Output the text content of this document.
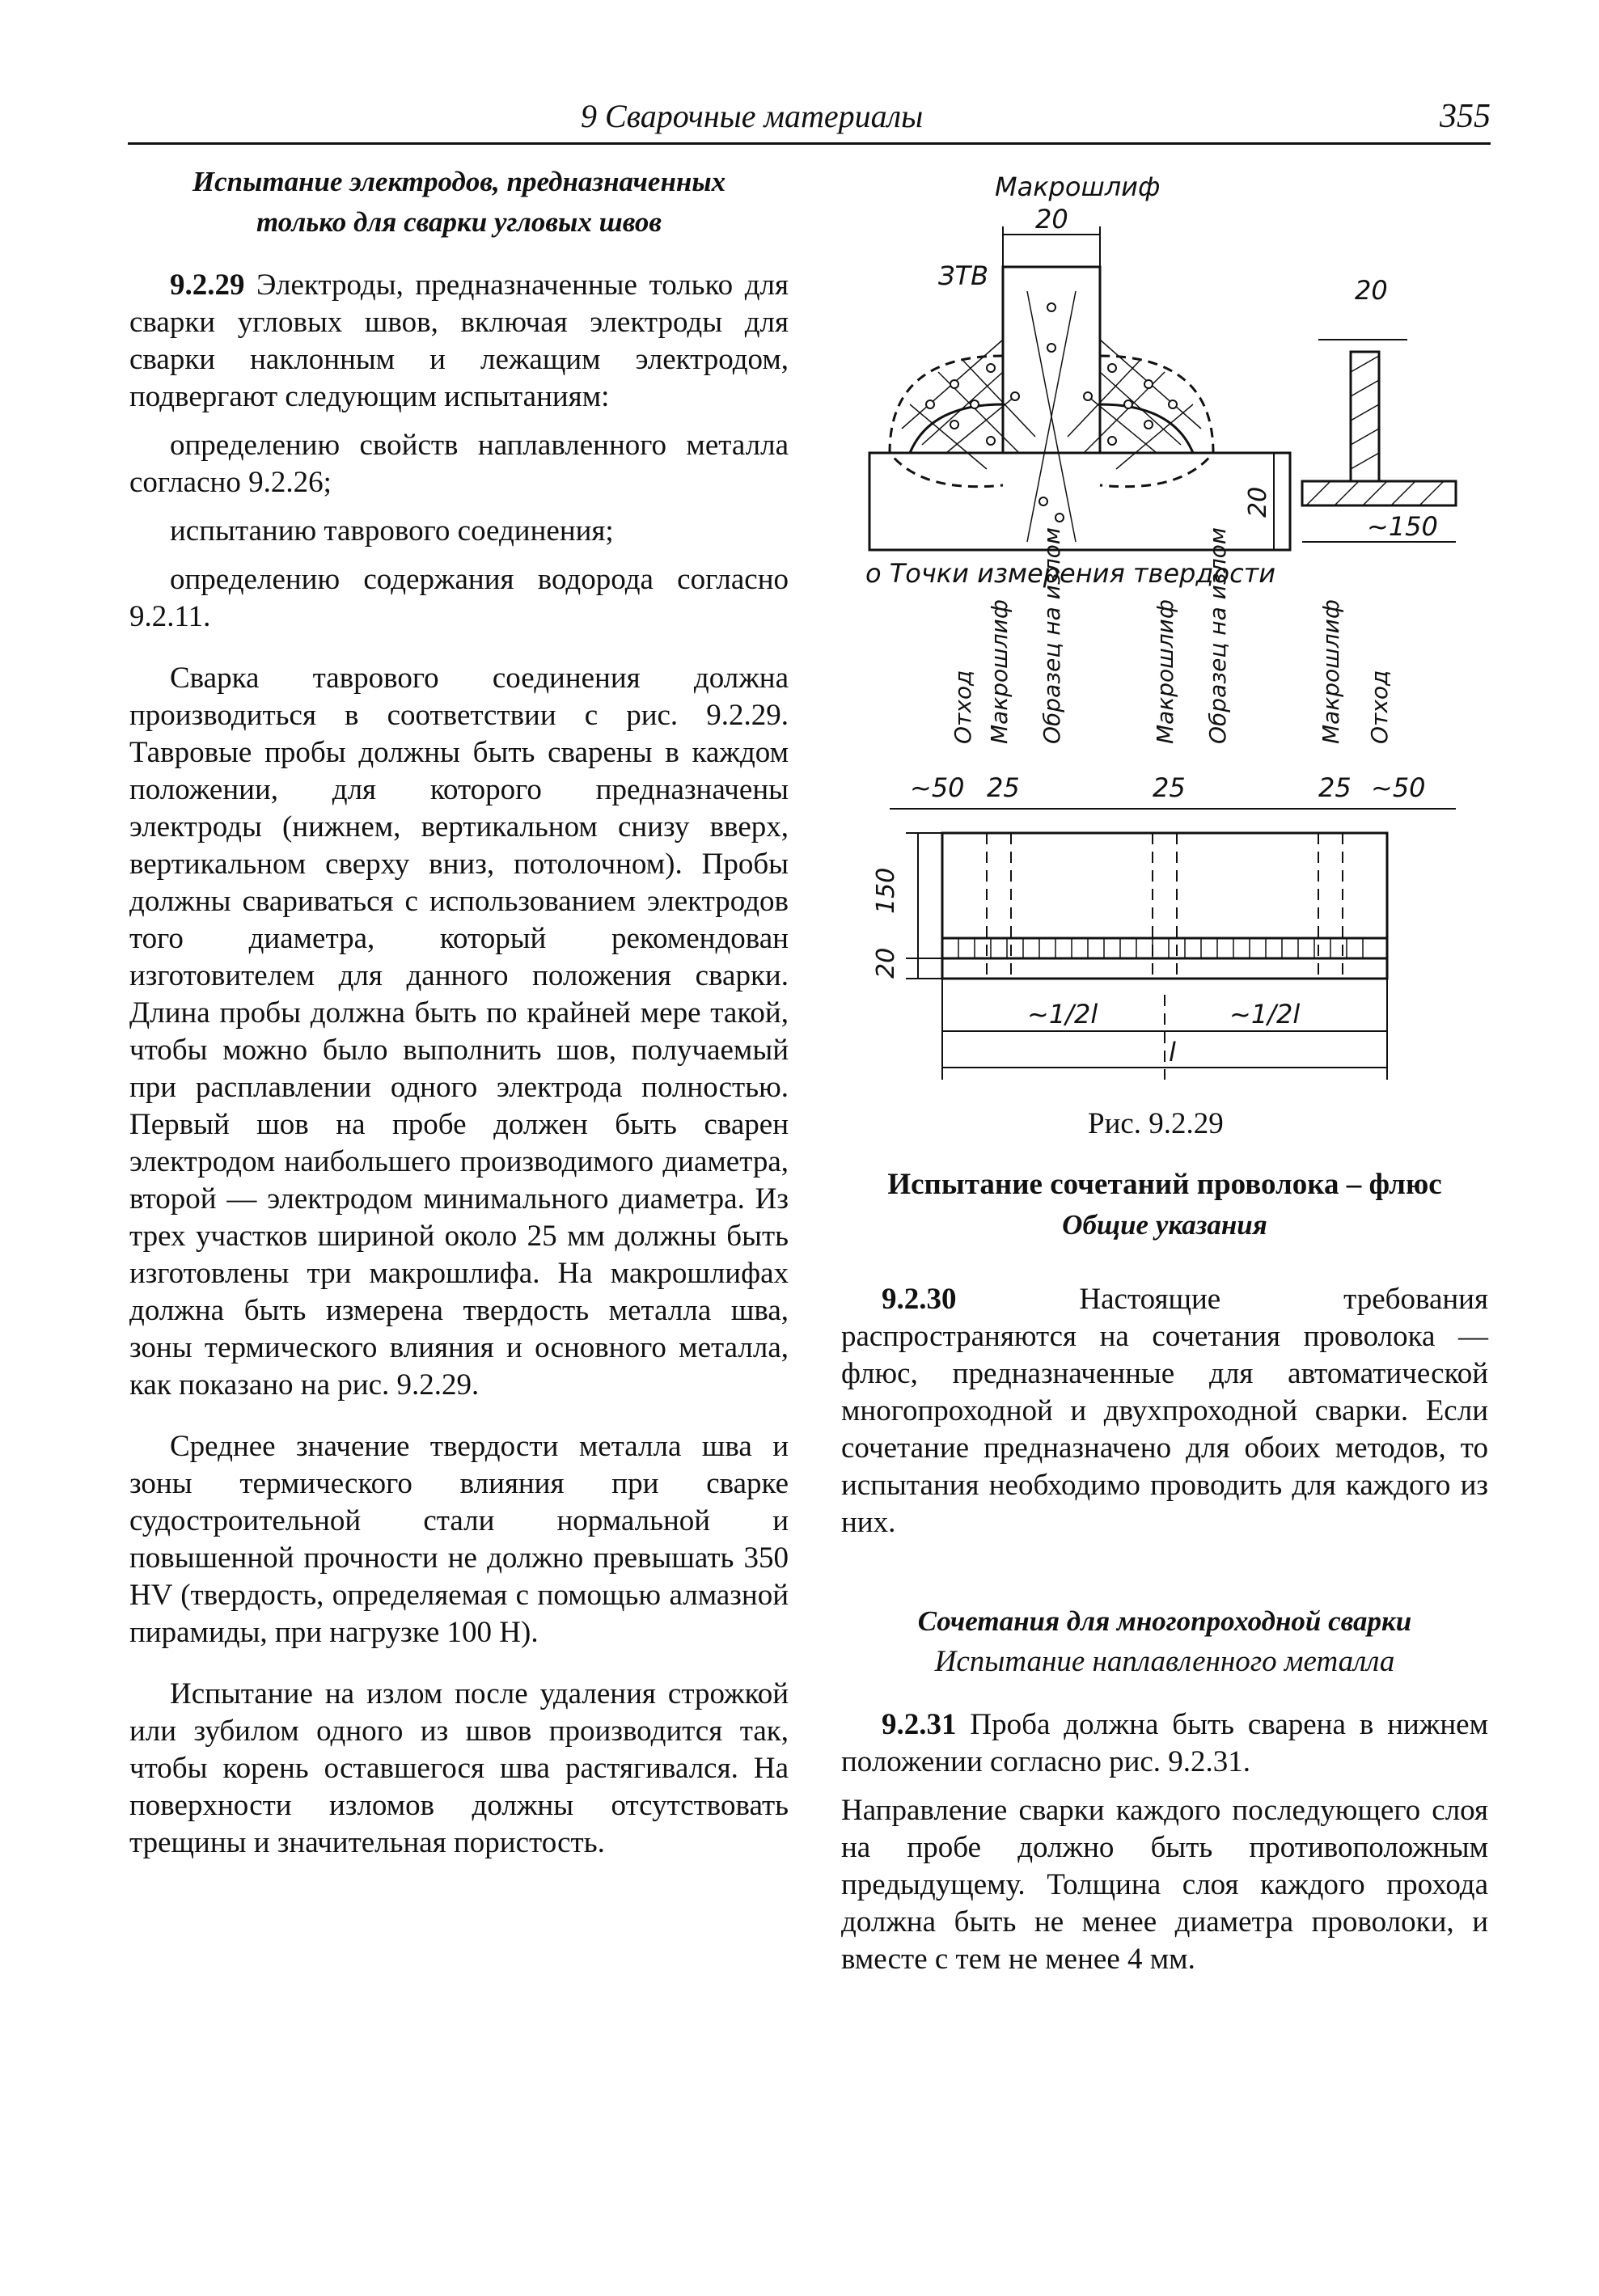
9 Сварочные материалы	355

Испытание электродов, предназначенных
только для сварки угловых швов

9.2.29 Электроды, предназначенные только для сварки угловых швов, включая электроды для сварки наклонным и лежащим электродом, подвергают следующим испытаниям:

определению свойств наплавленного металла согласно 9.2.26;

испытанию таврового соединения;

определению содержания водорода согласно 9.2.11.

Сварка таврового соединения должна производиться в соответствии с рис. 9.2.29. Тавровые пробы должны быть сварены в каждом положении, для которого предназначены электроды (нижнем, вертикальном снизу вверх, вертикальном сверху вниз, потолочном). Пробы должны свариваться с использованием электродов того диаметра, который рекомендован изготовителем для данного положения сварки. Длина пробы должна быть по крайней мере такой, чтобы можно было выполнить шов, получаемый при расплавлении одного электрода полностью. Первый шов на пробе должен быть сварен электродом наибольшего производимого диаметра, второй — электродом минимального диаметра. Из трех участков шириной около 25 мм должны быть изготовлены три макрошлифа. На макрошлифах должна быть измерена твердость металла шва, зоны термического влияния и основного металла, как показано на рис. 9.2.29.

Среднее значение твердости металла шва и зоны термического влияния при сварке судостроительной стали нормальной и повышенной прочности не должно превышать 350 HV (твердость, определяемая с помощью алмазной пирамиды, при нагрузке 100 Н).

Испытание на излом после удаления строжкой или зубилом одного из швов производится так, чтобы корень оставшегося шва растягивался. На поверхности изломов должны отсутствовать трещины и значительная пористость.

Макрошлиф
20
ЗТВ	20
20
~150
о Точки измерения твердости
Отход Макрошлиф Образец на излом	Макрошлиф Образец на излом	Макрошлиф Отход
~50 25	25	25 ~50
150
20
~1/2l	~1/2l
l
Рис. 9.2.29

Испытание сочетаний проволока – флюс

Общие указания

9.2.30 Настоящие требования распространяются на сочетания проволока — флюс, предназначенные для автоматической многопроходной и двухпроходной сварки. Если сочетание предназначено для обоих методов, то испытания необходимо проводить для каждого из них.

Сочетания для многопроходной сварки

Испытание наплавленного металла

9.2.31 Проба должна быть сварена в нижнем положении согласно рис. 9.2.31.

Направление сварки каждого последующего слоя на пробе должно быть противоположным предыдущему. Толщина слоя каждого прохода должна быть не менее диаметра проволоки, и вместе с тем не менее 4 мм.
